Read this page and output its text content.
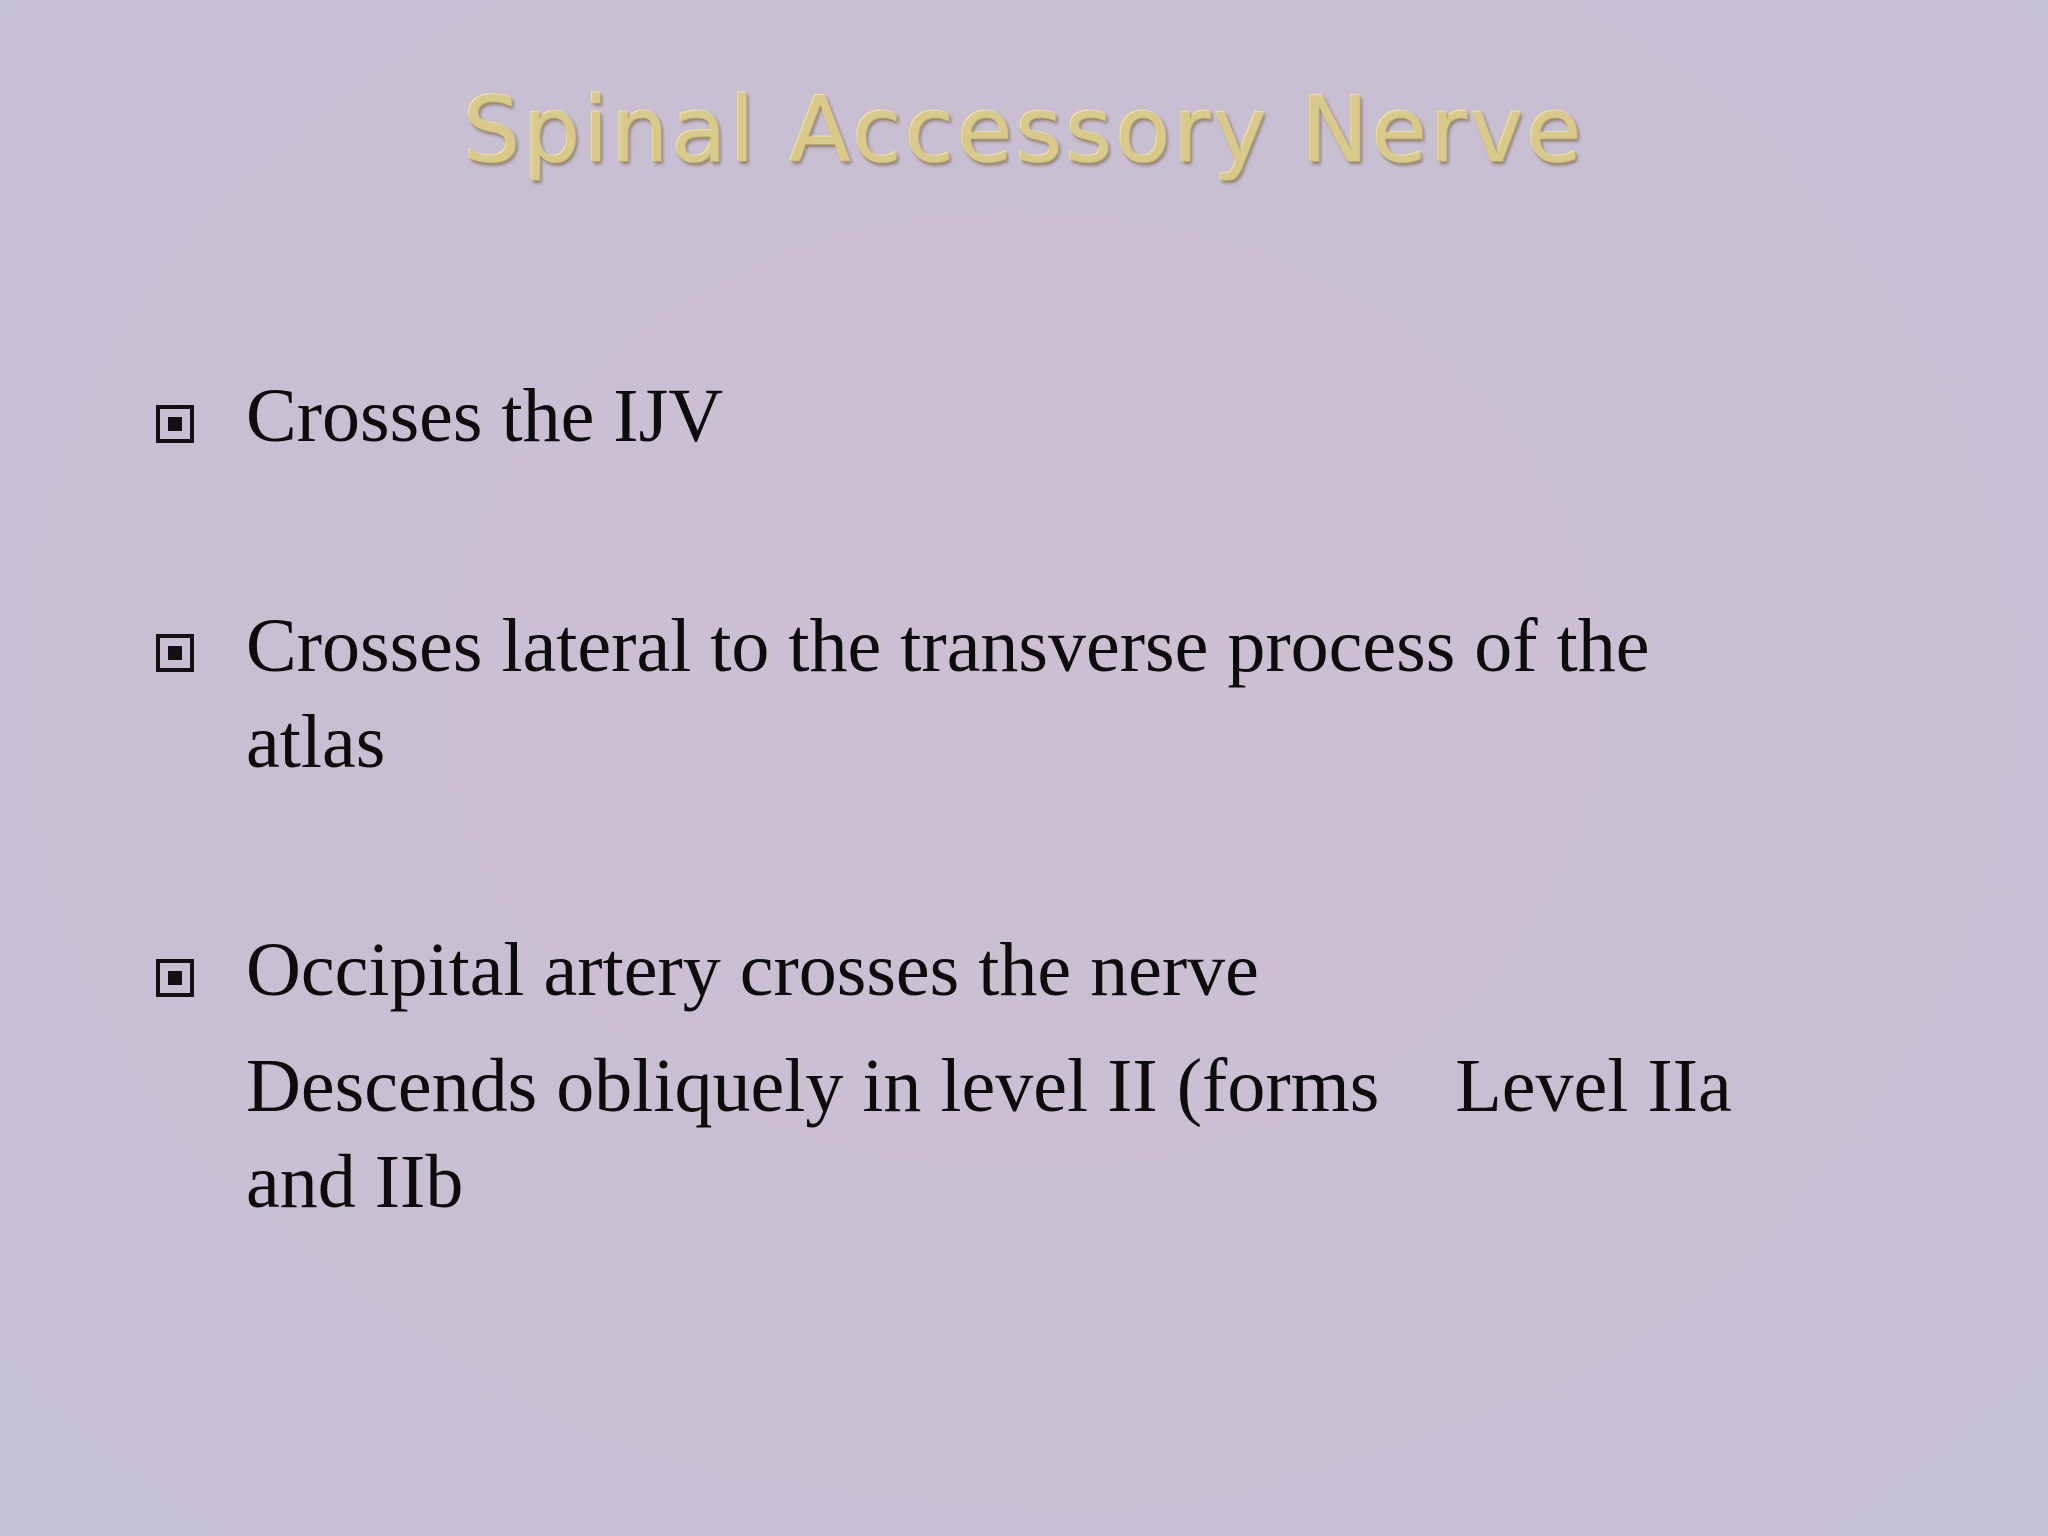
Spinal Accessory Nerve

Crosses the IJV

Crosses lateral to the transverse process of the

atlas

Occipital artery crosses the nerve

Descends obliquely in level II (forms    Level IIa

and IIb
